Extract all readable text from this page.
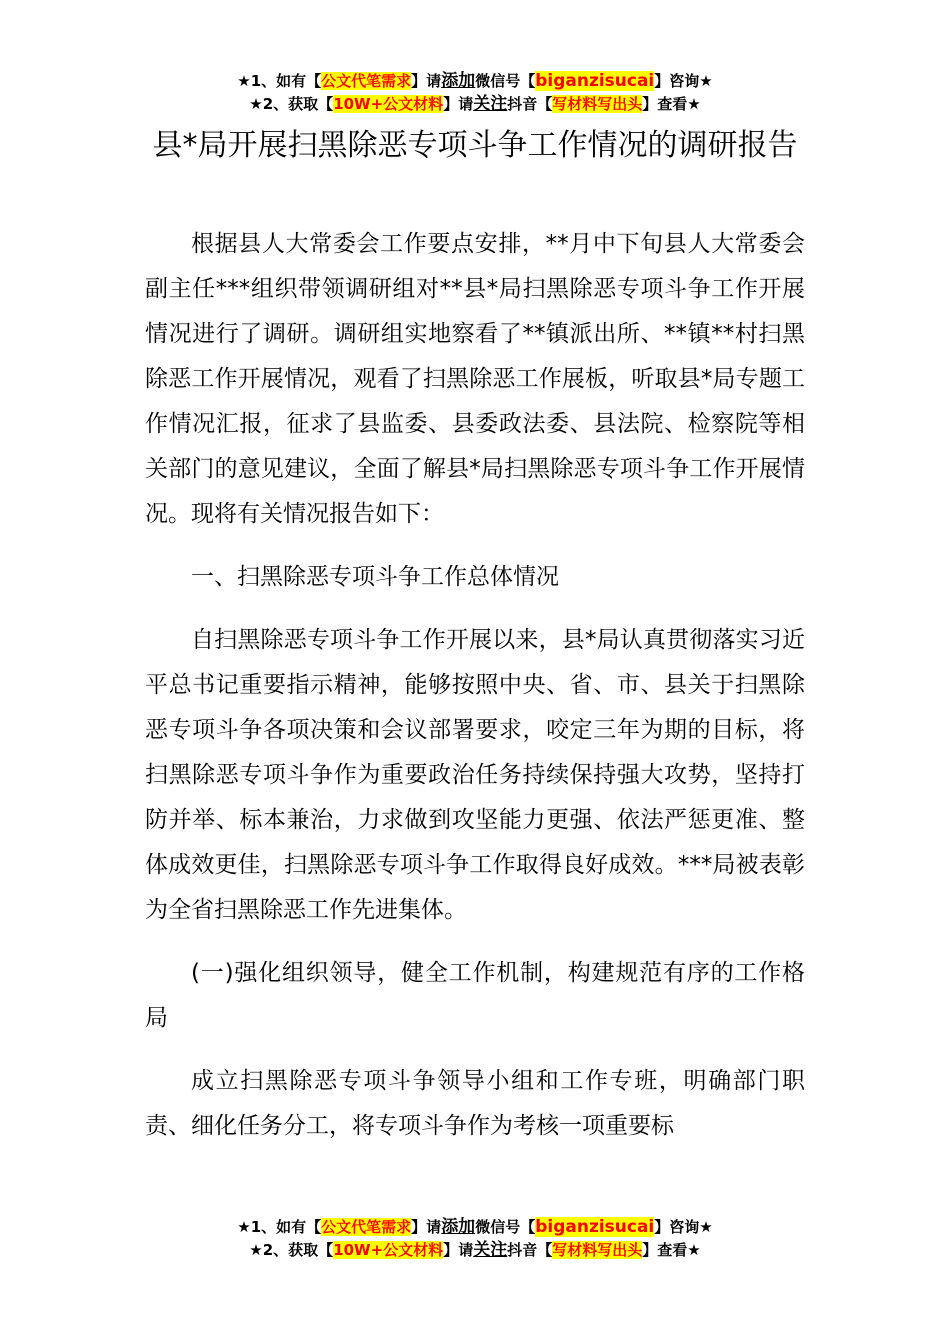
★1、如有【公文代笔需求】请添加微信号【biganzisucai】咨询★
★2、获取【10W+公文材料】请关注抖音【写材料写出头】查看★
县*局开展扫黑除恶专项斗争工作情况的调研报告

根据县人大常委会工作要点安排，**月中下旬县人大常委会副主任***组织带领调研组对**县*局扫黑除恶专项斗争工作开展情况进行了调研。调研组实地察看了**镇派出所、**镇**村扫黑除恶工作开展情况，观看了扫黑除恶工作展板，听取县*局专题工作情况汇报，征求了县监委、县委政法委、县法院、检察院等相关部门的意见建议，全面了解县*局扫黑除恶专项斗争工作开展情况。现将有关情况报告如下：

一、扫黑除恶专项斗争工作总体情况

自扫黑除恶专项斗争工作开展以来，县*局认真贯彻落实习近平总书记重要指示精神，能够按照中央、省、市、县关于扫黑除恶专项斗争各项决策和会议部署要求，咬定三年为期的目标，将扫黑除恶专项斗争作为重要政治任务持续保持强大攻势，坚持打防并举、标本兼治，力求做到攻坚能力更强、依法严惩更准、整体成效更佳，扫黑除恶专项斗争工作取得良好成效。***局被表彰为全省扫黑除恶工作先进集体。

(一)强化组织领导，健全工作机制，构建规范有序的工作格局

成立扫黑除恶专项斗争领导小组和工作专班，明确部门职责、细化任务分工，将专项斗争作为考核一项重要标

★1、如有【公文代笔需求】请添加微信号【biganzisucai】咨询★
★2、获取【10W+公文材料】请关注抖音【写材料写出头】查看★
